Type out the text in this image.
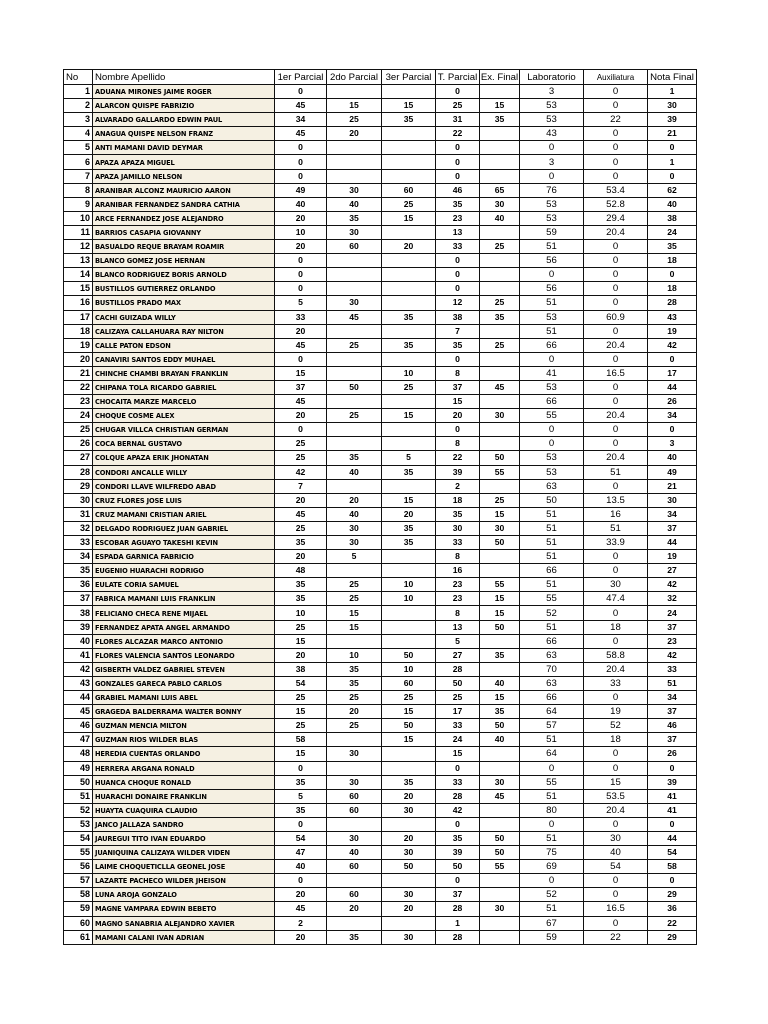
No	Nombre Apellido	1er Parcial	2do Parcial	3er Parcial	T. Parcial	Ex. Final	Laboratorio	Auxiliatura	Nota Final
1	ADUANA MIRONES JAIME ROGER	0			0		3	0	1
2	ALARCON QUISPE FABRIZIO	45	15	15	25	15	53	0	30
3	ALVARADO GALLARDO EDWIN PAUL	34	25	35	31	35	53	22	39
4	ANAGUA QUISPE NELSON FRANZ	45	20		22		43	0	21
5	ANTI MAMANI DAVID DEYMAR	0			0		0	0	0
6	APAZA APAZA MIGUEL	0			0		3	0	1
7	APAZA JAMILLO NELSON	0			0		0	0	0
8	ARANIBAR ALCONZ MAURICIO AARON	49	30	60	46	65	76	53.4	62
9	ARANIBAR FERNANDEZ SANDRA CATHIA	40	40	25	35	30	53	52.8	40
10	ARCE FERNANDEZ JOSE ALEJANDRO	20	35	15	23	40	53	29.4	38
11	BARRIOS CASAPIA GIOVANNY	10	30		13		59	20.4	24
12	BASUALDO REQUE BRAYAM ROAMIR	20	60	20	33	25	51	0	35
13	BLANCO GOMEZ JOSE HERNAN	0			0		56	0	18
14	BLANCO RODRIGUEZ BORIS ARNOLD	0			0		0	0	0
15	BUSTILLOS GUTIERREZ ORLANDO	0			0		56	0	18
16	BUSTILLOS PRADO MAX	5	30		12	25	51	0	28
17	CACHI GUIZADA WILLY	33	45	35	38	35	53	60.9	43
18	CALIZAYA CALLAHUARA RAY NILTON	20			7		51	0	19
19	CALLE PATON EDSON	45	25	35	35	25	66	20.4	42
20	CANAVIRI SANTOS EDDY MUHAEL	0			0		0	0	0
21	CHINCHE CHAMBI BRAYAN FRANKLIN	15		10	8		41	16.5	17
22	CHIPANA TOLA RICARDO GABRIEL	37	50	25	37	45	53	0	44
23	CHOCAITA MARZE MARCELO	45			15		66	0	26
24	CHOQUE COSME ALEX	20	25	15	20	30	55	20.4	34
25	CHUGAR VILLCA CHRISTIAN GERMAN	0			0		0	0	0
26	COCA BERNAL GUSTAVO	25			8		0	0	3
27	COLQUE APAZA ERIK JHONATAN	25	35	5	22	50	53	20.4	40
28	CONDORI ANCALLE WILLY	42	40	35	39	55	53	51	49
29	CONDORI LLAVE WILFREDO ABAD	7			2		63	0	21
30	CRUZ FLORES JOSE LUIS	20	20	15	18	25	50	13.5	30
31	CRUZ MAMANI CRISTIAN ARIEL	45	40	20	35	15	51	16	34
32	DELGADO RODRIGUEZ JUAN GABRIEL	25	30	35	30	30	51	51	37
33	ESCOBAR AGUAYO TAKESHI KEVIN	35	30	35	33	50	51	33.9	44
34	ESPADA GARNICA FABRICIO	20	5		8		51	0	19
35	EUGENIO HUARACHI RODRIGO	48			16		66	0	27
36	EULATE CORIA SAMUEL	35	25	10	23	55	51	30	42
37	FABRICA MAMANI LUIS FRANKLIN	35	25	10	23	15	55	47.4	32
38	FELICIANO CHECA RENE MIJAEL	10	15		8	15	52	0	24
39	FERNANDEZ APATA ANGEL ARMANDO	25	15		13	50	51	18	37
40	FLORES ALCAZAR MARCO ANTONIO	15			5		66	0	23
41	FLORES VALENCIA SANTOS LEONARDO	20	10	50	27	35	63	58.8	42
42	GISBERTH VALDEZ GABRIEL STEVEN	38	35	10	28		70	20.4	33
43	GONZALES GARECA PABLO CARLOS	54	35	60	50	40	63	33	51
44	GRABIEL MAMANI LUIS ABEL	25	25	25	25	15	66	0	34
45	GRAGEDA BALDERRAMA WALTER BONNY	15	20	15	17	35	64	19	37
46	GUZMAN MENCIA MILTON	25	25	50	33	50	57	52	46
47	GUZMAN RIOS WILDER BLAS	58		15	24	40	51	18	37
48	HEREDIA CUENTAS ORLANDO	15	30		15		64	0	26
49	HERRERA ARGANA RONALD	0			0		0	0	0
50	HUANCA CHOQUE RONALD	35	30	35	33	30	55	15	39
51	HUARACHI DONAIRE FRANKLIN	5	60	20	28	45	51	53.5	41
52	HUAYTA CUAQUIRA CLAUDIO	35	60	30	42		80	20.4	41
53	JANCO JALLAZA SANDRO	0			0		0	0	0
54	JAUREGUI TITO IVAN EDUARDO	54	30	20	35	50	51	30	44
55	JUANIQUINA CALIZAYA WILDER VIDEN	47	40	30	39	50	75	40	54
56	LAIME CHOQUETICLLA GEONEL JOSE	40	60	50	50	55	69	54	58
57	LAZARTE PACHECO WILDER JHEISON	0			0		0	0	0
58	LUNA AROJA GONZALO	20	60	30	37		52	0	29
59	MAGNE VAMPARA EDWIN BEBETO	45	20	20	28	30	51	16.5	36
60	MAGNO SANABRIA ALEJANDRO XAVIER	2			1		67	0	22
61	MAMANI CALANI IVAN ADRIAN	20	35	30	28		59	22	29
